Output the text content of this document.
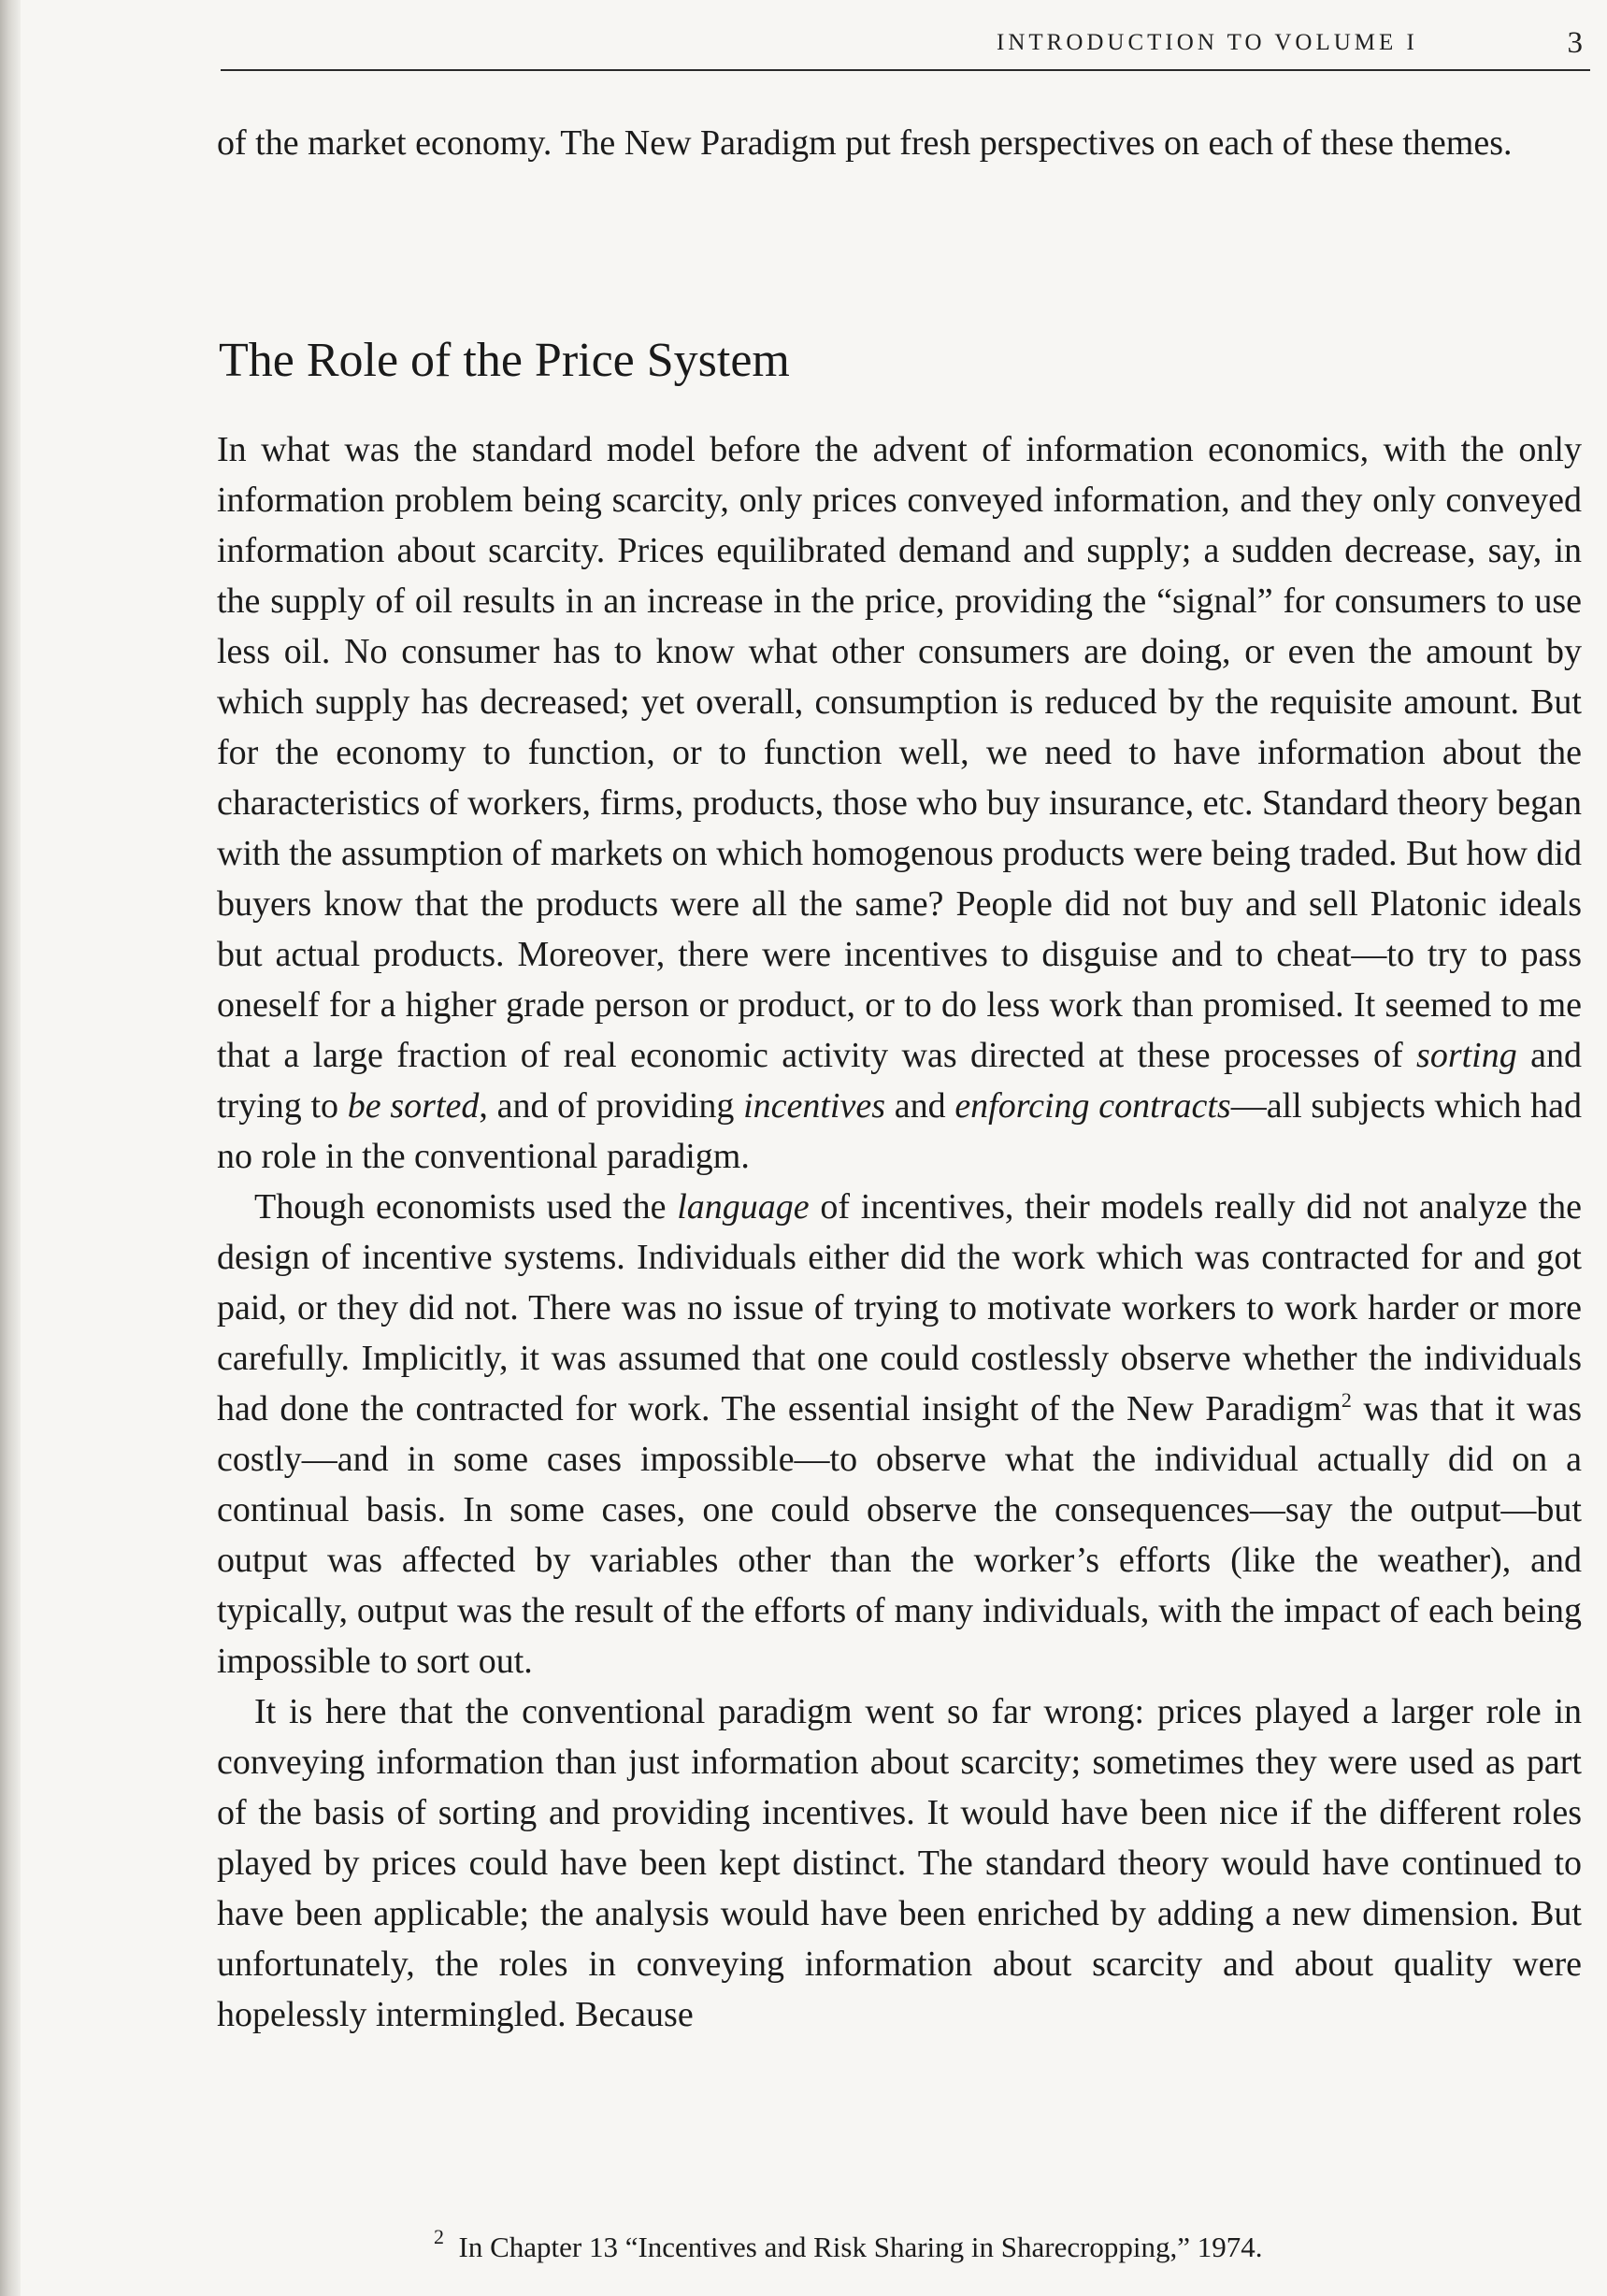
INTRODUCTION TO VOLUME I	3

of the market economy. The New Paradigm put fresh perspectives on each of these themes.

The Role of the Price System

In what was the standard model before the advent of information economics, with the only information problem being scarcity, only prices conveyed information, and they only conveyed information about scarcity. Prices equilibrated demand and supply; a sudden decrease, say, in the supply of oil results in an increase in the price, providing the “signal” for consumers to use less oil. No consumer has to know what other consumers are doing, or even the amount by which supply has decreased; yet overall, consumption is reduced by the requisite amount. But for the economy to function, or to function well, we need to have information about the characteristics of workers, firms, products, those who buy insurance, etc. Standard theory began with the assumption of markets on which homogenous products were being traded. But how did buyers know that the products were all the same? People did not buy and sell Platonic ideals but actual products. Moreover, there were incentives to disguise and to cheat—to try to pass oneself for a higher grade person or product, or to do less work than promised. It seemed to me that a large fraction of real economic activity was directed at these processes of sorting and trying to be sorted, and of providing incentives and enforcing contracts—all subjects which had no role in the conventional paradigm.

Though economists used the language of incentives, their models really did not analyze the design of incentive systems. Individuals either did the work which was contracted for and got paid, or they did not. There was no issue of trying to motivate workers to work harder or more carefully. Implicitly, it was assumed that one could costlessly observe whether the individuals had done the contracted for work. The essential insight of the New Paradigm$^2$ was that it was costly—and in some cases impossible—to observe what the individual actually did on a continual basis. In some cases, one could observe the consequences—say the output—but output was affected by variables other than the worker’s efforts (like the weather), and typically, output was the result of the efforts of many individuals, with the impact of each being impossible to sort out.

It is here that the conventional paradigm went so far wrong: prices played a larger role in conveying information than just information about scarcity; sometimes they were used as part of the basis of sorting and providing incentives. It would have been nice if the different roles played by prices could have been kept distinct. The standard theory would have continued to have been applicable; the analysis would have been enriched by adding a new dimension. But unfortunately, the roles in conveying information about scarcity and about quality were hopelessly intermingled. Because

$^2$ In Chapter 13 “Incentives and Risk Sharing in Sharecropping,” 1974.
